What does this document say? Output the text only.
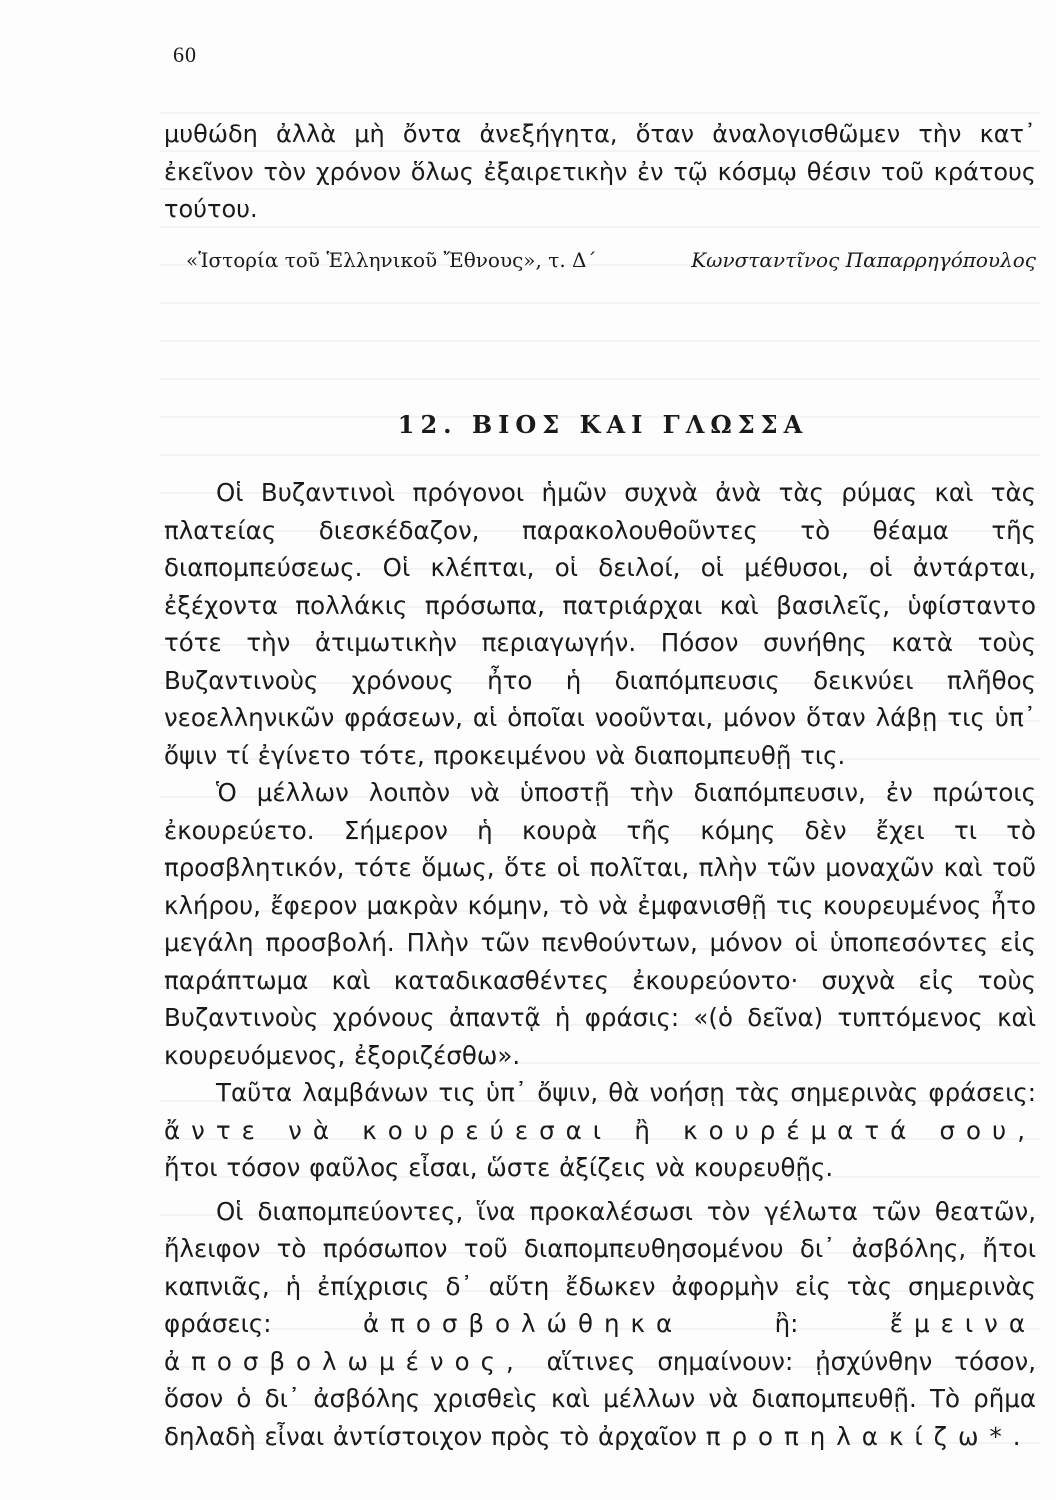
60

μυθώδη ἀλλὰ μὴ ὄντα ἀνεξήγητα, ὅταν ἀναλογισθῶμεν τὴν κατ᾽ ἐκεῖνον τὸν χρόνον ὅλως ἐξαιρετικὴν ἐν τῷ κόσμῳ θέσιν τοῦ κράτους τούτου.

«Ἱστορία τοῦ Ἑλληνικοῦ Ἔθνους», τ. Δ΄	Κωνσταντῖνος Παπαρρηγόπουλος
12. ΒΙΟΣ ΚΑΙ ΓΛΩΣΣΑ

Οἱ Βυζαντινοὶ πρόγονοι ἡμῶν συχνὰ ἀνὰ τὰς ρύμας καὶ τὰς πλατείας διεσκέδαζον, παρακολουθοῦντες τὸ θέαμα τῆς διαπομπεύσεως. Οἱ κλέπται, οἱ δειλοί, οἱ μέθυσοι, οἱ ἀντάρται, ἐξέχοντα πολλάκις πρόσωπα, πατριάρχαι καὶ βασιλεῖς, ὑφίσταντο τότε τὴν ἀτιμωτικὴν περιαγωγήν. Πόσον συνήθης κατὰ τοὺς Βυζαντινοὺς χρόνους ἦτο ἡ διαπόμπευσις δεικνύει πλῆθος νεοελληνικῶν φράσεων, αἱ ὁποῖαι νοοῦνται, μόνον ὅταν λάβῃ τις ὑπ᾽ ὄψιν τί ἐγίνετο τότε, προκειμένου νὰ διαπομπευθῇ τις.

Ὁ μέλλων λοιπὸν νὰ ὑποστῇ τὴν διαπόμπευσιν, ἐν πρώτοις ἐκουρεύετο. Σήμερον ἡ κουρὰ τῆς κόμης δὲν ἔχει τι τὸ προσβλητικόν, τότε ὅμως, ὅτε οἱ πολῖται, πλὴν τῶν μοναχῶν καὶ τοῦ κλήρου, ἔφερον μακρὰν κόμην, τὸ νὰ ἐμφανισθῇ τις κουρευμένος ἦτο μεγάλη προσβολή. Πλὴν τῶν πενθούντων, μόνον οἱ ὑποπεσόντες εἰς παράπτωμα καὶ καταδικασθέντες ἐκουρεύοντο· συχνὰ εἰς τοὺς Βυζαντινοὺς χρόνους ἀπαντᾷ ἡ φράσις: «(ὁ δεῖνα) τυπτόμενος καὶ κουρευόμενος, ἐξοριζέσθω».

Ταῦτα λαμβάνων τις ὑπ᾽ ὄψιν, θὰ νοήσῃ τὰς σημερινὰς φράσεις: ἄντε νὰ κουρεύεσαι ἢ κουρέματά σου, ἤτοι τόσον φαῦλος εἶσαι, ὥστε ἀξίζεις νὰ κουρευθῇς.

Οἱ διαπομπεύοντες, ἵνα προκαλέσωσι τὸν γέλωτα τῶν θεατῶν, ἤλειφον τὸ πρόσωπον τοῦ διαπομπευθησομένου δι᾽ ἀσβόλης, ἤτοι καπνιᾶς, ἡ ἐπίχρισις δ᾽ αὕτη ἔδωκεν ἀφορμὴν εἰς τὰς σημερινὰς φράσεις:	ἀποσβολώθηκα	ἢ:	ἔμεινα ἀποσβολωμένος, αἵτινες σημαίνουν: ᾐσχύνθην τόσον, ὅσον ὁ δι᾽ ἀσβόλης χρισθεὶς καὶ μέλλων νὰ διαπομπευθῇ. Τὸ ρῆμα δηλαδὴ εἶναι ἀντίστοιχον πρὸς τὸ ἀρχαῖον προπηλακίζω*.
